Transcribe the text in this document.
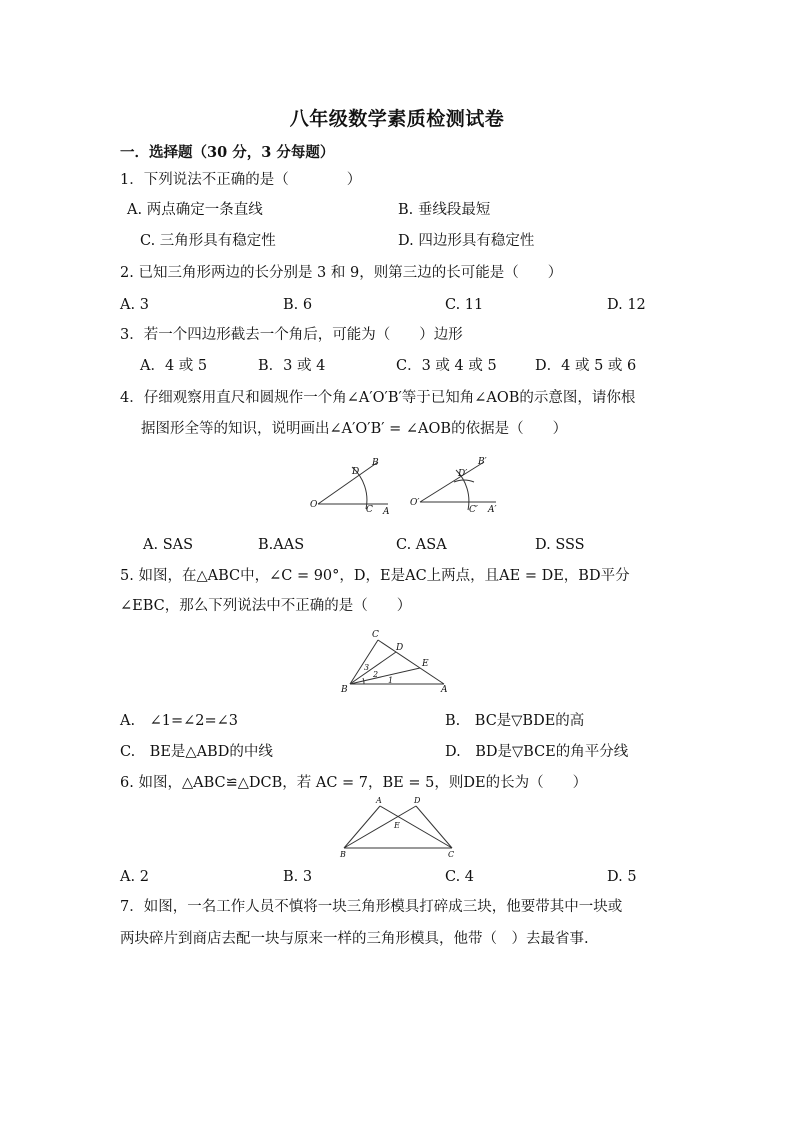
八年级数学素质检测试卷
一．选择题（30 分，3 分每题）
1．下列说法不正确的是（　　　　）
A. 两点确定一条直线	B. 垂线段最短
C. 三角形具有稳定性	D. 四边形具有稳定性
2. 已知三角形两边的长分别是 3 和 9，则第三边的长可能是（　　）
A. 3	B. 6	C. 11	D. 12
3．若一个四边形截去一个角后，可能为（　　）边形
A．4 或 5	B．3 或 4	C．3 或 4 或 5	D．4 或 5 或 6
4．仔细观察用直尺和圆规作一个角∠A′O′B′等于已知角∠AOB的示意图，请你根
据图形全等的知识，说明画出∠A′O′B′ = ∠AOB的依据是（　　）
O
A
B
C
D
O′
A′
B′
C′
D′
A. SAS	B.AAS	C. ASA	D. SSS
5. 如图，在△ABC中，∠C = 90°，D，E是AC上两点，且AE = DE，BD平分
∠EBC，那么下列说法中不正确的是（　　）
B	A
C
D
E
1
2
3
A.　∠1=∠2=∠3	B.　BC是▽BDE的高
C.　BE是△ABD的中线	D.　BD是▽BCE的角平分线
6. 如图，△ABC≌△DCB，若 AC = 7，BE = 5，则DE的长为（　　）
B	C
A	D
E
A. 2	B. 3	C. 4	D. 5
7．如图，一名工作人员不慎将一块三角形模具打碎成三块，他要带其中一块或
两块碎片到商店去配一块与原来一样的三角形模具，他带（　）去最省事.
